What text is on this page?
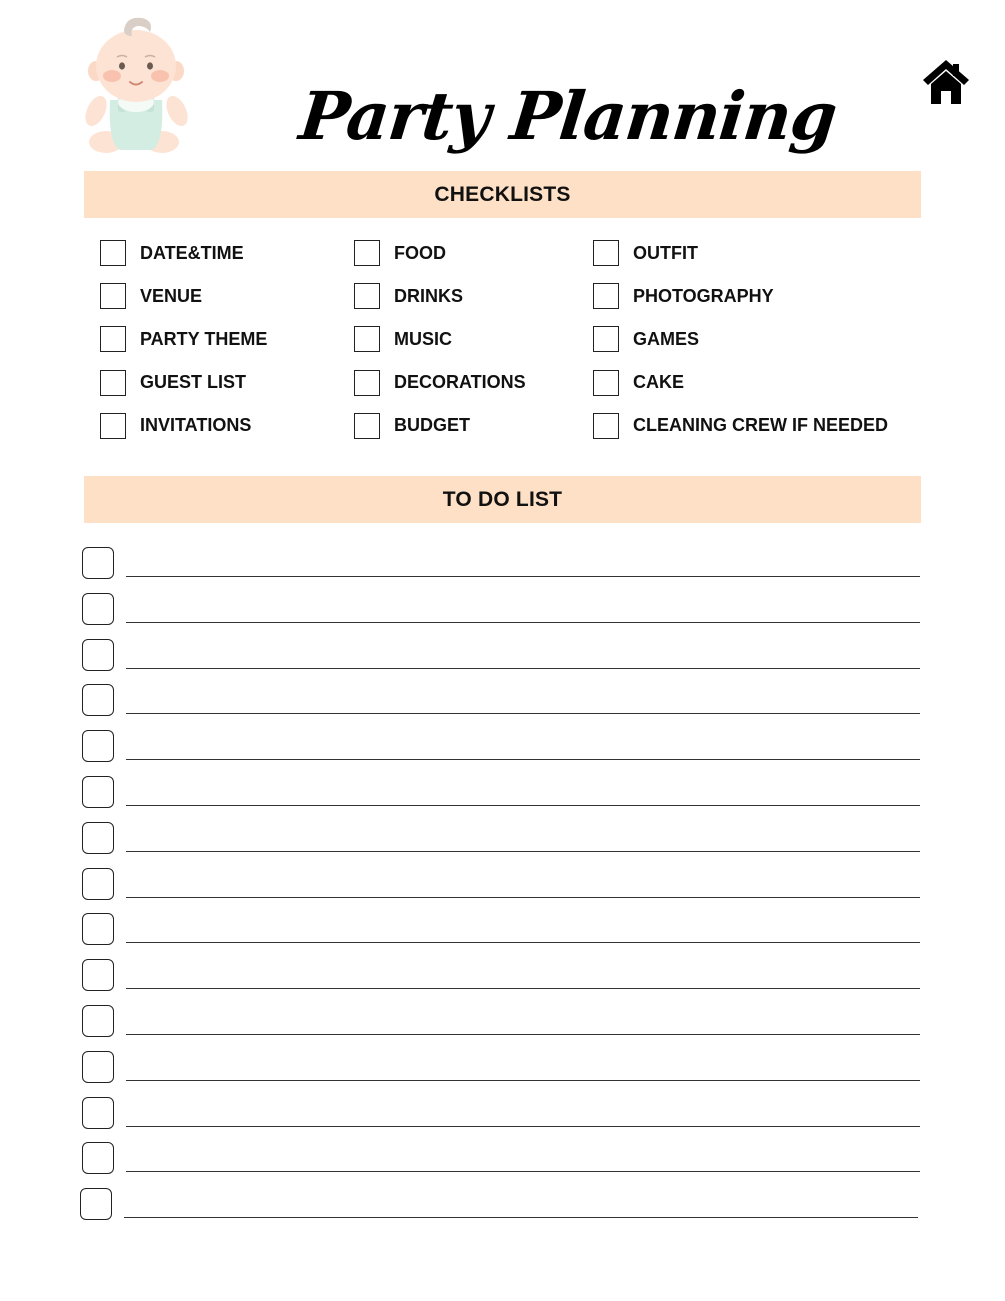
Party Planning
CHECKLISTS
DATE&TIME
VENUE
PARTY THEME
GUEST LIST
INVITATIONS
FOOD
DRINKS
MUSIC
DECORATIONS
BUDGET
OUTFIT
PHOTOGRAPHY
GAMES
CAKE
CLEANING CREW IF NEEDED
TO DO LIST
